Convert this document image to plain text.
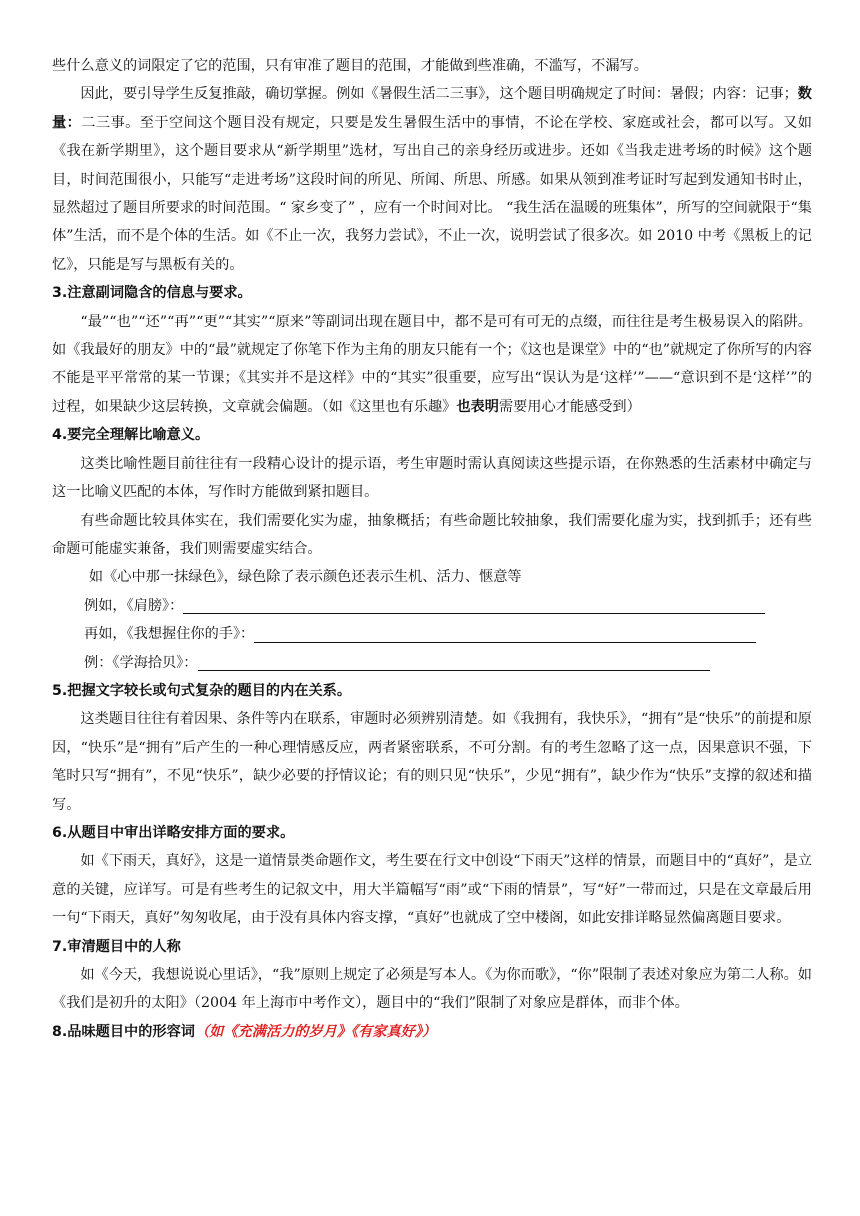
些什么意义的词限定了它的范围，只有审准了题目的范围，才能做到些准确，不滥写，不漏写。

因此，要引导学生反复推敲，确切掌握。例如《暑假生活二三事》，这个题目明确规定了时间：暑假；内容：记事；数量：二三事。至于空间这个题目没有规定，只要是发生暑假生活中的事情，不论在学校、家庭或社会，都可以写。又如《我在新学期里》，这个题目要求从“新学期里”选材，写出自己的亲身经历或进步。还如《当我走进考场的时候》这个题目，时间范围很小，只能写“走进考场”这段时间的所见、所闻、所思、所感。如果从领到准考证时写起到发通知书时止，显然超过了题目所要求的时间范围。“ 家乡变了” ，应有一个时间对比。 “我生活在温暖的班集体”，所写的空间就限于“集体”生活，而不是个体的生活。如《不止一次，我努力尝试》，不止一次，说明尝试了很多次。如 2010 中考《黑板上的记忆》，只能是写与黑板有关的。

3.注意副词隐含的信息与要求。

“最”“也”“还”“再”“更”“其实”“原来”等副词出现在题目中，都不是可有可无的点缀，而往往是考生极易误入的陷阱。如《我最好的朋友》中的“最”就规定了你笔下作为主角的朋友只能有一个；《这也是课堂》中的“也”就规定了你所写的内容不能是平平常常的某一节课；《其实并不是这样》中的“其实”很重要，应写出“误认为是‘这样’”——“意识到不是‘这样’”的过程，如果缺少这层转换，文章就会偏题。（如《这里也有乐趣》也表明需要用心才能感受到）

4.要完全理解比喻意义。

这类比喻性题目前往往有一段精心设计的提示语，考生审题时需认真阅读这些提示语，在你熟悉的生活素材中确定与这一比喻义匹配的本体，写作时方能做到紧扣题目。

有些命题比较具体实在，我们需要化实为虚，抽象概括；有些命题比较抽象，我们需要化虚为实，找到抓手；还有些命题可能虚实兼备，我们则需要虚实结合。

如《心中那一抹绿色》，绿色除了表示颜色还表示生机、活力、惬意等

例如，《肩膀》：
再如，《我想握住你的手》：
例：《学海拾贝》：

5.把握文字较长或句式复杂的题目的内在关系。

这类题目往往有着因果、条件等内在联系，审题时必须辨别清楚。如《我拥有，我快乐》，“拥有”是“快乐”的前提和原因，“快乐”是“拥有”后产生的一种心理情感反应，两者紧密联系，不可分割。有的考生忽略了这一点，因果意识不强，下笔时只写“拥有”，不见“快乐”，缺少必要的抒情议论；有的则只见“快乐”，少见“拥有”，缺少作为“快乐”支撑的叙述和描写。

6.从题目中审出详略安排方面的要求。

如《下雨天，真好》，这是一道情景类命题作文，考生要在行文中创设“下雨天”这样的情景，而题目中的“真好”，是立意的关键，应详写。可是有些考生的记叙文中，用大半篇幅写“雨”或“下雨的情景”，写“好”一带而过，只是在文章最后用一句“下雨天，真好”匆匆收尾，由于没有具体内容支撑，“真好”也就成了空中楼阁，如此安排详略显然偏离题目要求。

7.审清题目中的人称

如《今天，我想说说心里话》，“我”原则上规定了必须是写本人。《为你而歌》，“你”限制了表述对象应为第二人称。如《我们是初升的太阳》（2004 年上海市中考作文），题目中的“我们”限制了对象应是群体，而非个体。

8.品味题目中的形容词（如《充满活力的岁月》《有家真好》）
